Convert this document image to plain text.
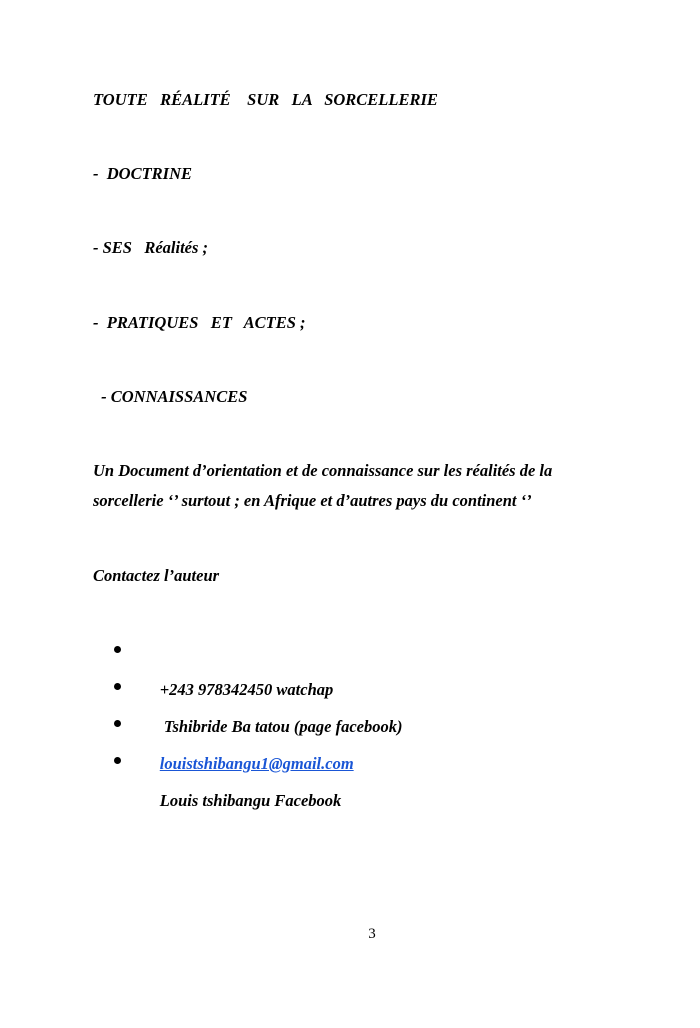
TOUTE   RÉALITÉ    SUR   LA   SORCELLERIE
-  DOCTRINE
- SES   Réalités ;
-  PRATIQUES   ET   ACTES ;
- CONNAISSANCES
Un Document d’orientation et de connaissance sur les réalités de la
sorcellerie ‘’ surtout ; en Afrique et d’autres pays du continent ‘’
Contactez l’auteur

+243 978342450 watchap

Tshibride Ba tatou (page facebook)

louistshibangu1@gmail.com

Louis tshibangu Facebook

3
